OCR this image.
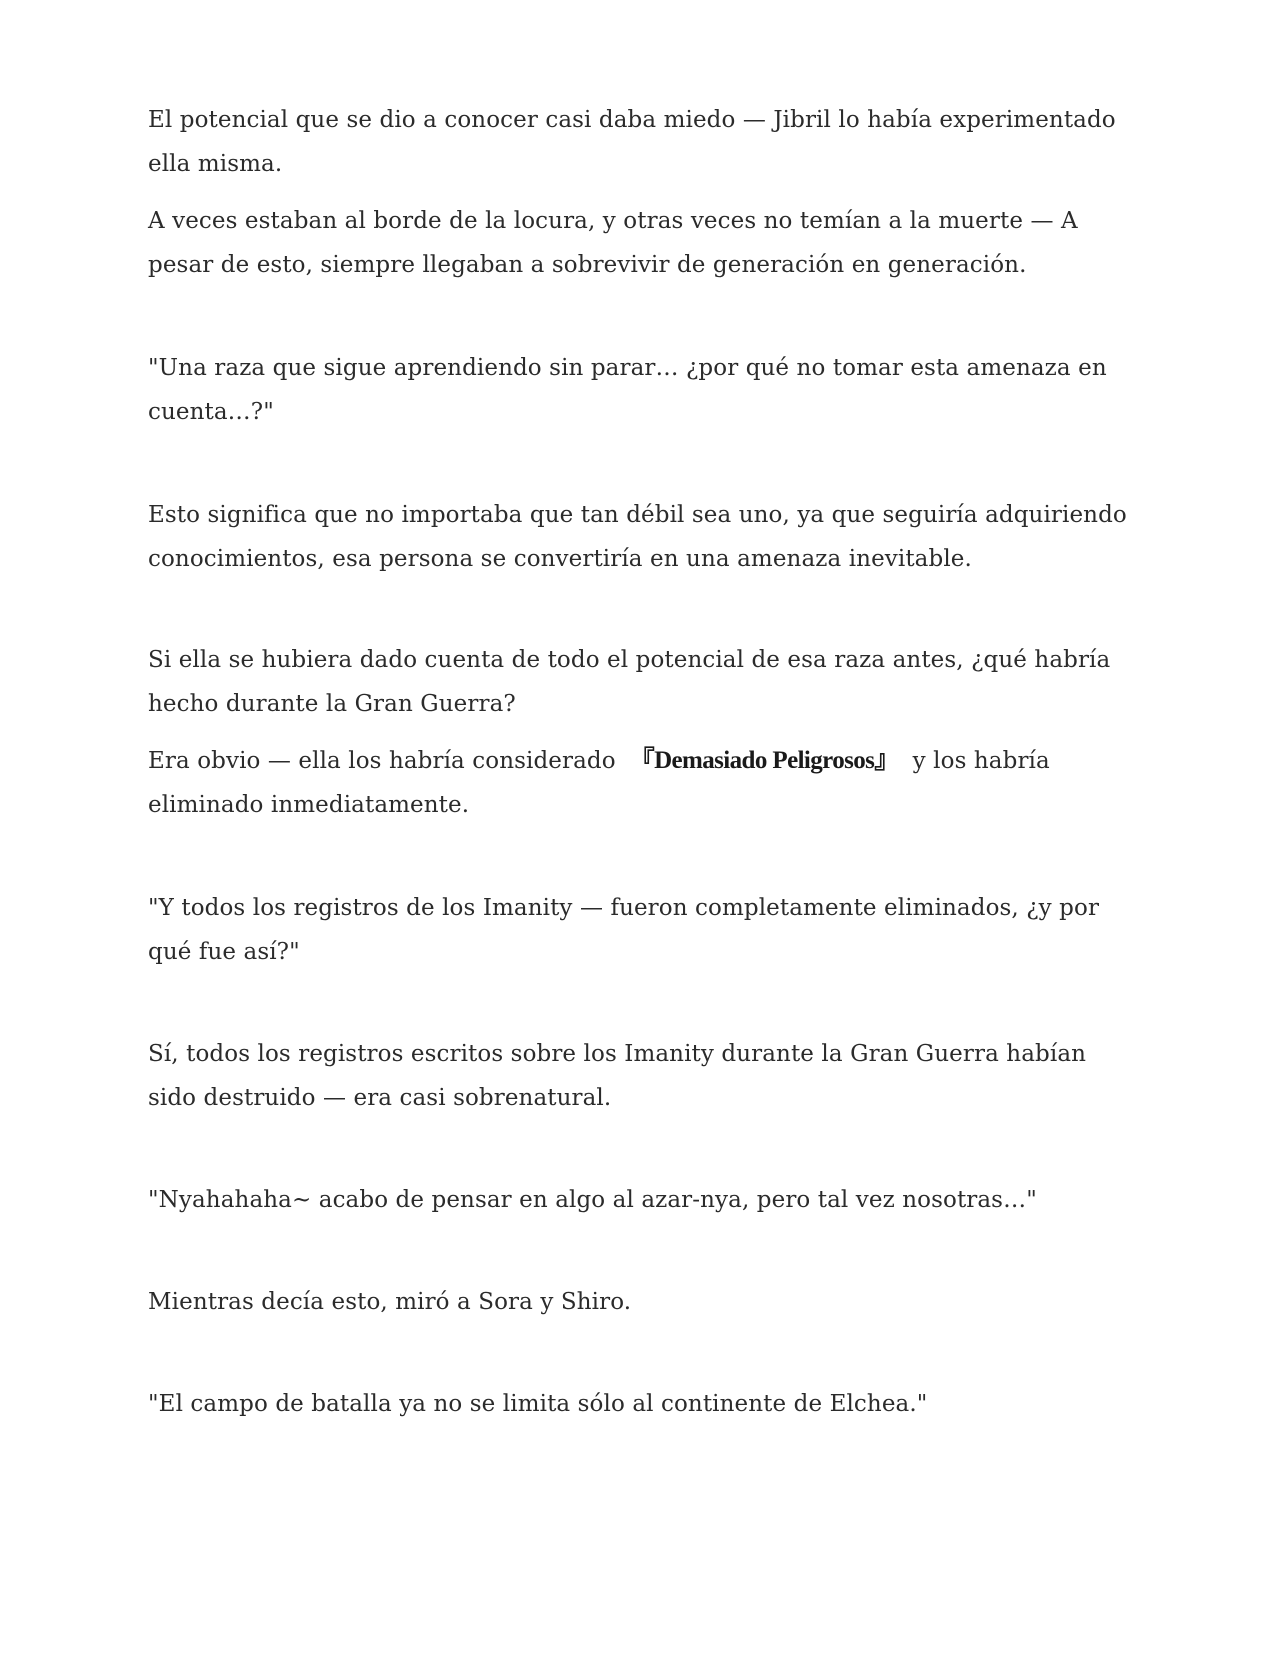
El potencial que se dio a conocer casi daba miedo — Jibril lo había experimentado ella misma.

A veces estaban al borde de la locura, y otras veces no temían a la muerte — A pesar de esto, siempre llegaban a sobrevivir de generación en generación.

"Una raza que sigue aprendiendo sin parar… ¿por qué no tomar esta amenaza en cuenta…?"

Esto significa que no importaba que tan débil sea uno, ya que seguiría adquiriendo conocimientos, esa persona se convertiría en una amenaza inevitable.

Si ella se hubiera dado cuenta de todo el potencial de esa raza antes, ¿qué habría hecho durante la Gran Guerra?

Era obvio — ella los habría considerado 『Demasiado Peligrosos』 y los habría eliminado inmediatamente.

"Y todos los registros de los Imanity — fueron completamente eliminados, ¿y por qué fue así?"

Sí, todos los registros escritos sobre los Imanity durante la Gran Guerra habían sido destruido — era casi sobrenatural.

"Nyahahaha~ acabo de pensar en algo al azar-nya, pero tal vez nosotras…"

Mientras decía esto, miró a Sora y Shiro.

"El campo de batalla ya no se limita sólo al continente de Elchea."
